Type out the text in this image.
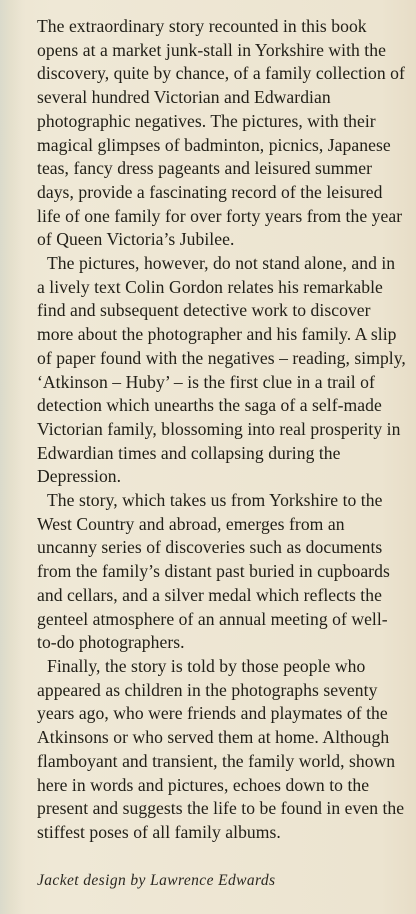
The extraordinary story recounted in this book opens at a market junk-stall in Yorkshire with the discovery, quite by chance, of a family collection of several hundred Victorian and Edwardian photographic negatives. The pictures, with their magical glimpses of badminton, picnics, Japanese teas, fancy dress pageants and leisured summer days, provide a fascinating record of the leisured life of one family for over forty years from the year of Queen Victoria’s Jubilee.

The pictures, however, do not stand alone, and in a lively text Colin Gordon relates his remarkable find and subsequent detective work to discover more about the photographer and his family. A slip of paper found with the negatives – reading, simply, ‘Atkinson – Huby’ – is the first clue in a trail of detection which unearths the saga of a self-made Victorian family, blossoming into real prosperity in Edwardian times and collapsing during the Depression.

The story, which takes us from Yorkshire to the West Country and abroad, emerges from an uncanny series of discoveries such as documents from the family’s distant past buried in cupboards and cellars, and a silver medal which reflects the genteel atmosphere of an annual meeting of well-to-do photographers.

Finally, the story is told by those people who appeared as children in the photographs seventy years ago, who were friends and playmates of the Atkinsons or who served them at home. Although flamboyant and transient, the family world, shown here in words and pictures, echoes down to the present and suggests the life to be found in even the stiffest poses of all family albums.

Jacket design by Lawrence Edwards
